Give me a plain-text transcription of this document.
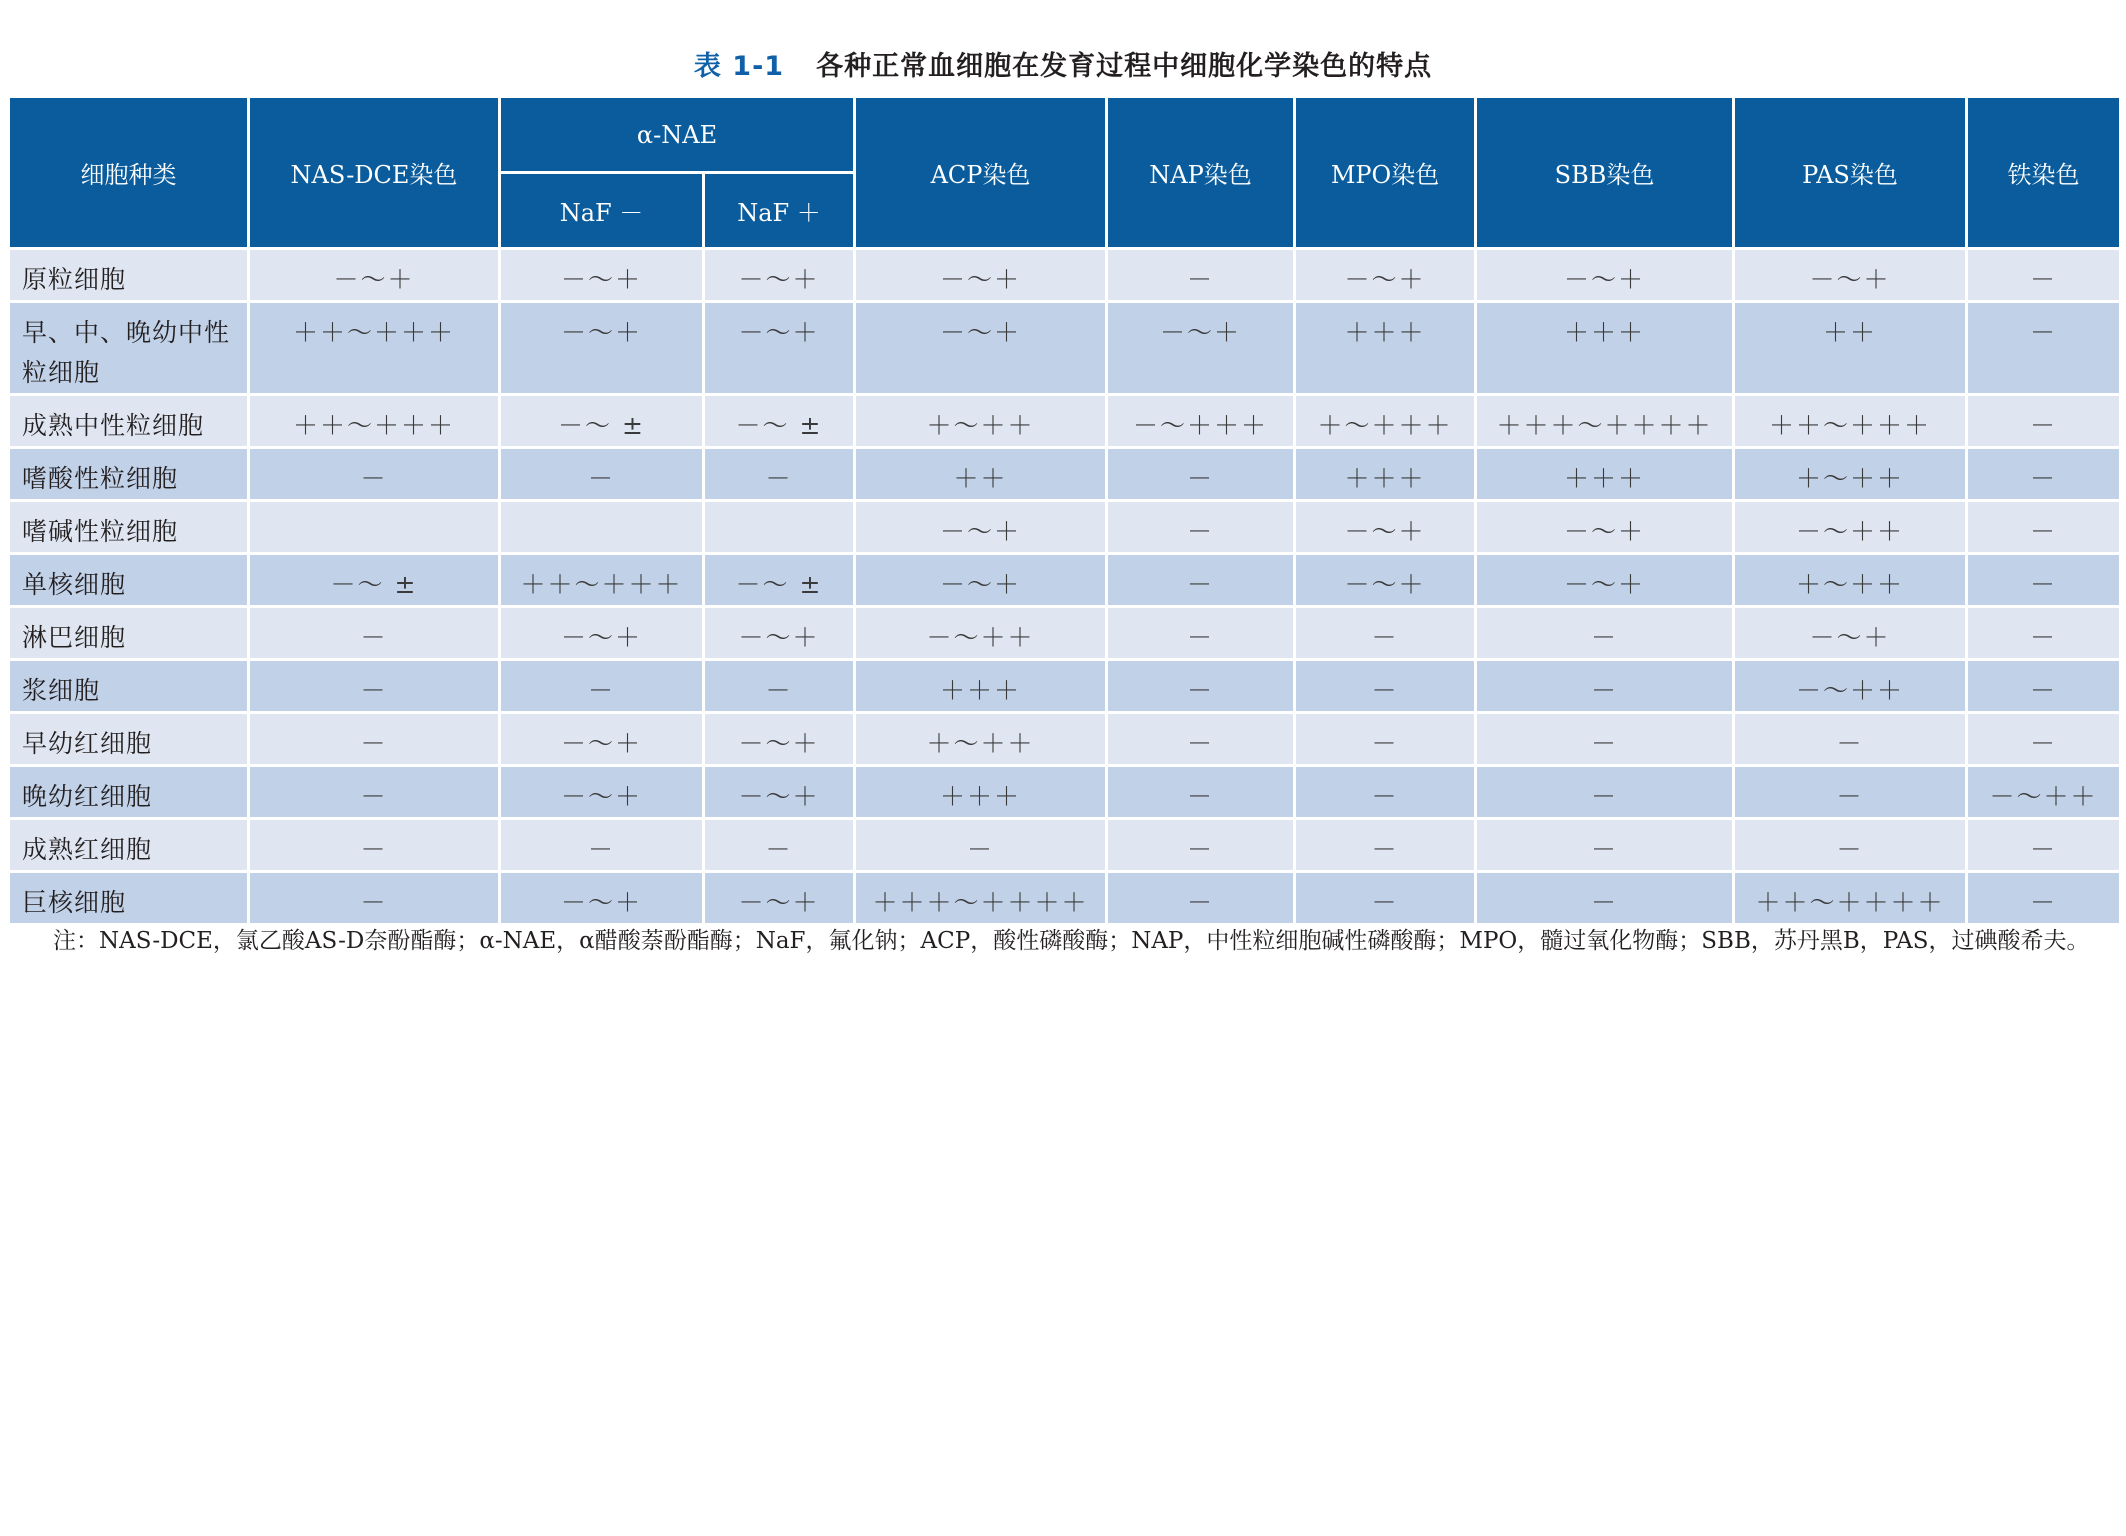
表 1-1 各种正常血细胞在发育过程中细胞化学染色的特点
细胞种类	NAS-DCE染色	α-NAE		ACP染色	NAP染色	MPO染色	SBB染色	PAS染色	铁染色
		NaF －	NaF ＋						
原粒细胞	－～＋	－～＋	－～＋	－～＋	－	－～＋	－～＋	－～＋	－
早、中、晚幼中性粒细胞	＋＋～＋＋＋	－～＋	－～＋	－～＋	－～＋	＋＋＋	＋＋＋	＋＋	－
成熟中性粒细胞	＋＋～＋＋＋	－～ ±	－～ ±	＋～＋＋	－～＋＋＋	＋～＋＋＋	＋＋＋～＋＋＋＋	＋＋～＋＋＋	－
嗜酸性粒细胞	－	－	－	＋＋	－	＋＋＋	＋＋＋	＋～＋＋	－
嗜碱性粒细胞				－～＋	－	－～＋	－～＋	－～＋＋	－
单核细胞	－～ ±	＋＋～＋＋＋	－～ ±	－～＋	－	－～＋	－～＋	＋～＋＋	－
淋巴细胞	－	－～＋	－～＋	－～＋＋	－	－	－	－～＋	－
浆细胞	－	－	－	＋＋＋	－	－	－	－～＋＋	－
早幼红细胞	－	－～＋	－～＋	＋～＋＋	－	－	－	－	－
晚幼红细胞	－	－～＋	－～＋	＋＋＋	－	－	－	－	－～＋＋
成熟红细胞	－	－	－	－	－	－	－	－	－
巨核细胞	－	－～＋	－～＋	＋＋＋～＋＋＋＋	－	－	－	＋＋～＋＋＋＋	－
注：NAS-DCE，氯乙酸AS-D奈酚酯酶；α-NAE，α醋酸萘酚酯酶；NaF，氟化钠；ACP，酸性磷酸酶；NAP，中性粒细胞碱性磷酸酶；MPO，髓过氧化物酶；SBB，苏丹黑B，PAS，过碘酸希夫。
